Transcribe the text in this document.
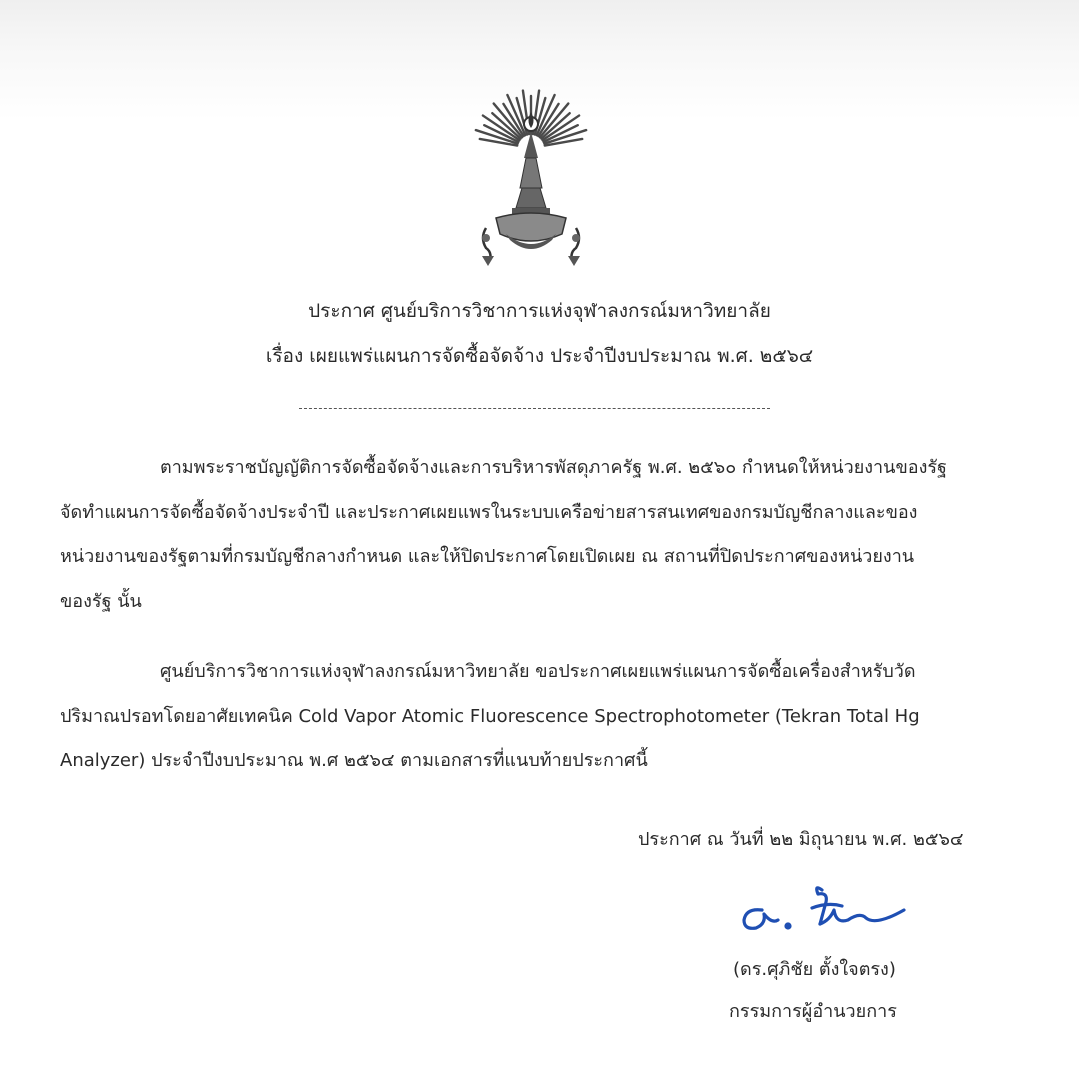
ประกาศ ศูนย์บริการวิชาการแห่งจุฬาลงกรณ์มหาวิทยาลัย
เรื่อง เผยแพร่แผนการจัดซื้อจัดจ้าง ประจำปีงบประมาณ พ.ศ. ๒๕๖๔
ตามพระราชบัญญัติการจัดซื้อจัดจ้างและการบริหารพัสดุภาครัฐ พ.ศ. ๒๕๖๐ กำหนดให้หน่วยงานของรัฐ
จัดทำแผนการจัดซื้อจัดจ้างประจำปี และประกาศเผยแพรในระบบเครือข่ายสารสนเทศของกรมบัญชีกลางและของ
หน่วยงานของรัฐตามที่กรมบัญชีกลางกำหนด และให้ปิดประกาศโดยเปิดเผย ณ สถานที่ปิดประกาศของหน่วยงาน
ของรัฐ นั้น
ศูนย์บริการวิชาการแห่งจุฬาลงกรณ์มหาวิทยาลัย ขอประกาศเผยแพร่แผนการจัดซื้อเครื่องสำหรับวัด
ปริมาณปรอทโดยอาศัยเทคนิค Cold Vapor Atomic Fluorescence Spectrophotometer (Tekran Total Hg
Analyzer) ประจำปีงบประมาณ พ.ศ ๒๕๖๔ ตามเอกสารที่แนบท้ายประกาศนี้
ประกาศ ณ วันที่ ๒๒ มิถุนายน พ.ศ. ๒๕๖๔
(ดร.ศุภิชัย ตั้งใจตรง)
กรรมการผู้อำนวยการ
